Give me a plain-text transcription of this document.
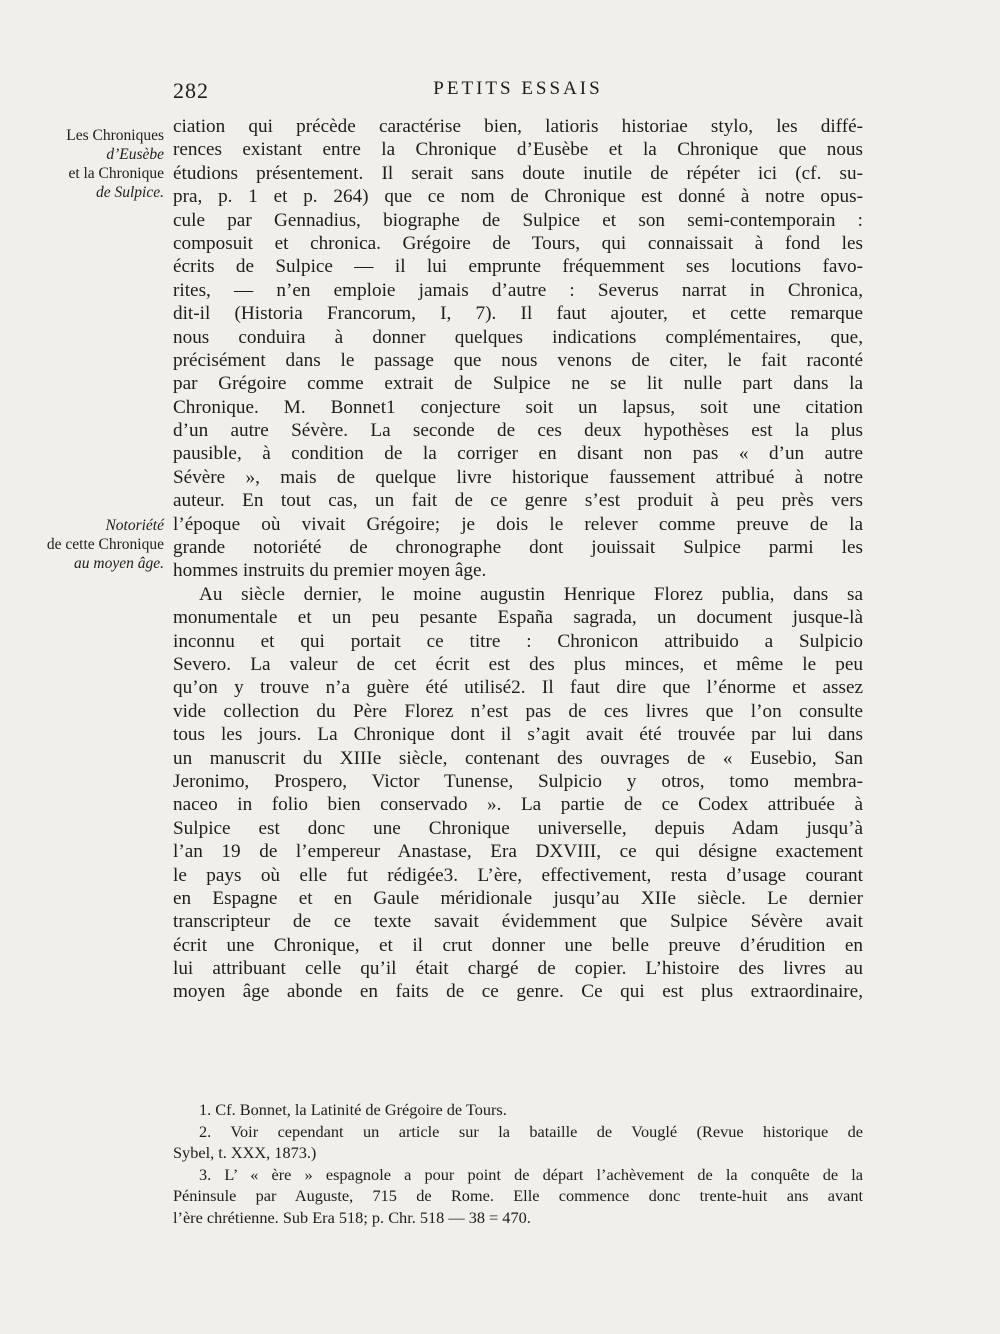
282	PETITS ESSAIS
Les Chroniques
d’Eusèbe
et la Chronique
de Sulpice.
Notoriété
de cette Chronique
au moyen âge.
ciation qui précède caractérise bien, latioris historiae stylo, les diffé-
rences existant entre la Chronique d’Eusèbe et la Chronique que nous
étudions présentement. Il serait sans doute inutile de répéter ici (cf. su-
pra, p. 1 et p. 264) que ce nom de Chronique est donné à notre opus-
cule par Gennadius, biographe de Sulpice et son semi-contemporain :
composuit et chronica. Grégoire de Tours, qui connaissait à fond les
écrits de Sulpice — il lui emprunte fréquemment ses locutions favo-
rites, — n’en emploie jamais d’autre : Severus narrat in Chronica,
dit-il (Historia Francorum, I, 7). Il faut ajouter, et cette remarque
nous conduira à donner quelques indications complémentaires, que,
précisément dans le passage que nous venons de citer, le fait raconté
par Grégoire comme extrait de Sulpice ne se lit nulle part dans la
Chronique. M. Bonnet1 conjecture soit un lapsus, soit une citation
d’un autre Sévère. La seconde de ces deux hypothèses est la plus
pausible, à condition de la corriger en disant non pas « d’un autre
Sévère », mais de quelque livre historique faussement attribué à notre
auteur. En tout cas, un fait de ce genre s’est produit à peu près vers
l’époque où vivait Grégoire; je dois le relever comme preuve de la
grande notoriété de chronographe dont jouissait Sulpice parmi les
hommes instruits du premier moyen âge.
Au siècle dernier, le moine augustin Henrique Florez publia, dans sa
monumentale et un peu pesante España sagrada, un document jusque-là
inconnu et qui portait ce titre : Chronicon attribuido a Sulpicio
Severo. La valeur de cet écrit est des plus minces, et même le peu
qu’on y trouve n’a guère été utilisé2. Il faut dire que l’énorme et assez
vide collection du Père Florez n’est pas de ces livres que l’on consulte
tous les jours. La Chronique dont il s’agit avait été trouvée par lui dans
un manuscrit du XIIIe siècle, contenant des ouvrages de « Eusebio, San
Jeronimo, Prospero, Victor Tunense, Sulpicio y otros, tomo membra-
naceo in folio bien conservado ». La partie de ce Codex attribuée à
Sulpice est donc une Chronique universelle, depuis Adam jusqu’à
l’an 19 de l’empereur Anastase, Era DXVIII, ce qui désigne exactement
le pays où elle fut rédigée3. L’ère, effectivement, resta d’usage courant
en Espagne et en Gaule méridionale jusqu’au XIIe siècle. Le dernier
transcripteur de ce texte savait évidemment que Sulpice Sévère avait
écrit une Chronique, et il crut donner une belle preuve d’érudition en
lui attribuant celle qu’il était chargé de copier. L’histoire des livres au
moyen âge abonde en faits de ce genre. Ce qui est plus extraordinaire,
1. Cf. Bonnet, la Latinité de Grégoire de Tours.
2. Voir cependant un article sur la bataille de Vouglé (Revue historique de
Sybel, t. XXX, 1873.)
3. L’ « ère » espagnole a pour point de départ l’achèvement de la conquête de la
Péninsule par Auguste, 715 de Rome. Elle commence donc trente-huit ans avant
l’ère chrétienne. Sub Era 518; p. Chr. 518 — 38 = 470.
